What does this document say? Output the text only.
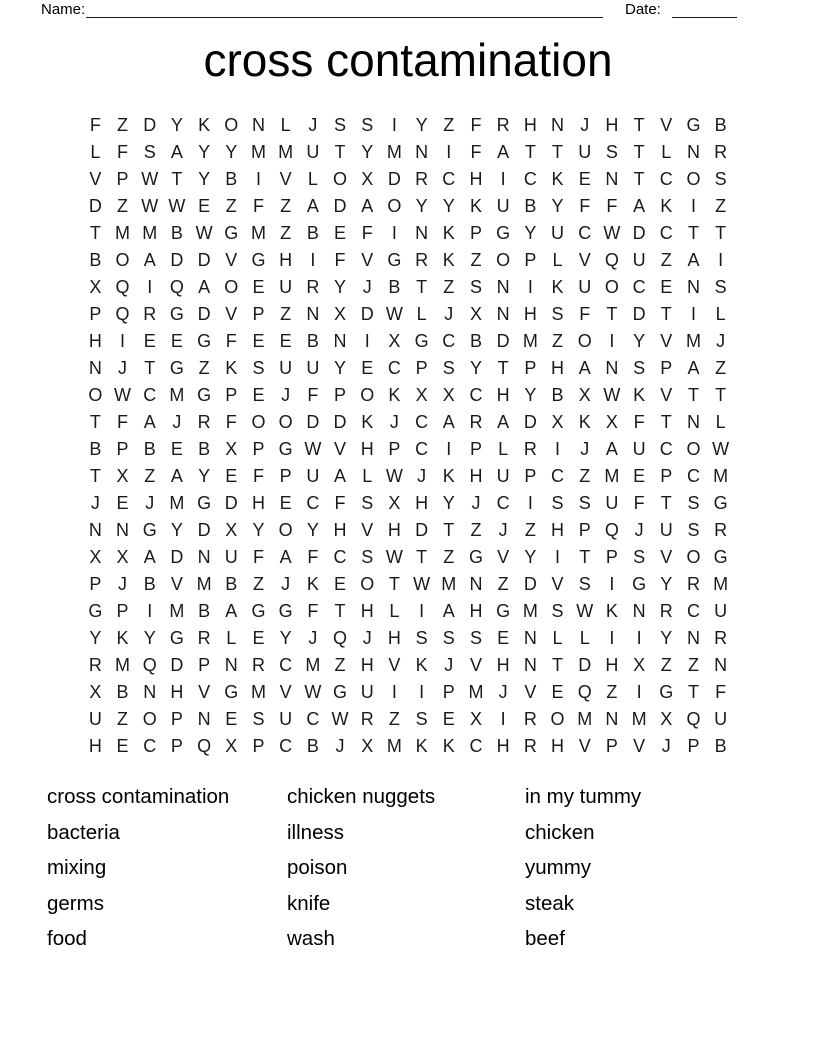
Name:	Date:
cross contamination
F Z D Y K O N L J S S	I	Y Z F R H N J H T V G B
L F S A Y Y M M U T Y M N	I	F A T T U S T L N R
V P W T Y B	I	V L O X D R C H	I	C K E N T C O S
D Z W W E Z F Z A D A O Y Y K U B Y F F A K	I	Z
T M M B W G M Z B E F	I	N K P G Y U C W D C T T
B O A D D V G H	I	F V G R K Z O P L V Q U Z A	I
X Q I Q A O E U R Y J B T Z S N	I	K U O C E N S
P Q R G D V P Z N X D W L J X N H S F T D T	I	L
H	I	E E G F E E B N	I	X G C B D M Z O I	Y V M J
N J T G Z K S U U Y E C P S Y T P H A N S P A Z
O W C M G P E J F P O K X X C H Y B X W K V T T
T F A J R F O O D D K J C A R A D X K X F T N L
B P B E B X P G W V H P C	I	P L R	I	J A U C O W
T X Z A Y E F P U A L W J K H U P C Z M E P C M
J E J M G D H E C F S X H Y J C	I	S S U F T S G
N N G Y D X Y O Y H V H D T Z J Z H P Q J U S R
X X A D N U F A F C S W T Z G V Y	I	T P S V O G
P J B V M B Z J K E O T W M N Z D V S	I G Y R M
G P	I M B A G G F T H L	I	A H G M S W K N R C U
Y K Y G R L E Y J Q J H S S S E N L L	I	I	Y N R
R M Q D P N R C M Z H V K J V H N T D H X Z Z N
X B N H V G M V W G U	I	I	P M J V E Q Z	I G T F
U Z O P N E S U C W R Z S E X	I	R O M N M X Q U
H E C P Q X P C B J X M K K C H R H V P V J P B
cross contamination
bacteria
mixing
germs
food
chicken nuggets
illness
poison
knife
wash
in my tummy
chicken
yummy
steak
beef
